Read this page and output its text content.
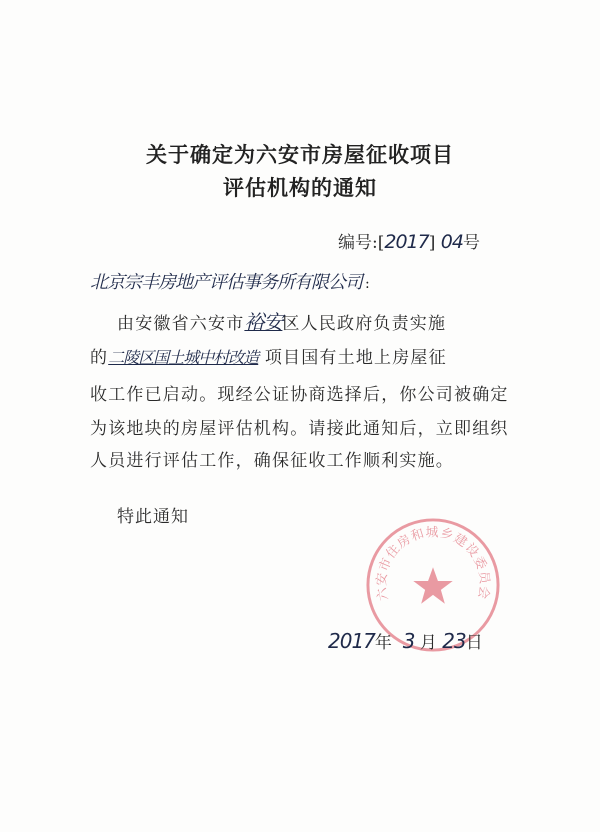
关于确定为六安市房屋征收项目
评估机构的通知
编号:[2017] 04号
北京宗丰房地产评估事务所有限公司 :
由安徽省六安市裕安区人民政府负责实施
的二陵区国土城中村改造 项目国有土地上房屋征
收工作已启动。现经公证协商选择后，你公司被确定
为该地块的房屋评估机构。请接此通知后，立即组织
人员进行评估工作，确保征收工作顺利实施。
特此通知
六安市住房和城乡建设委员会
2017年 3 月 23日
